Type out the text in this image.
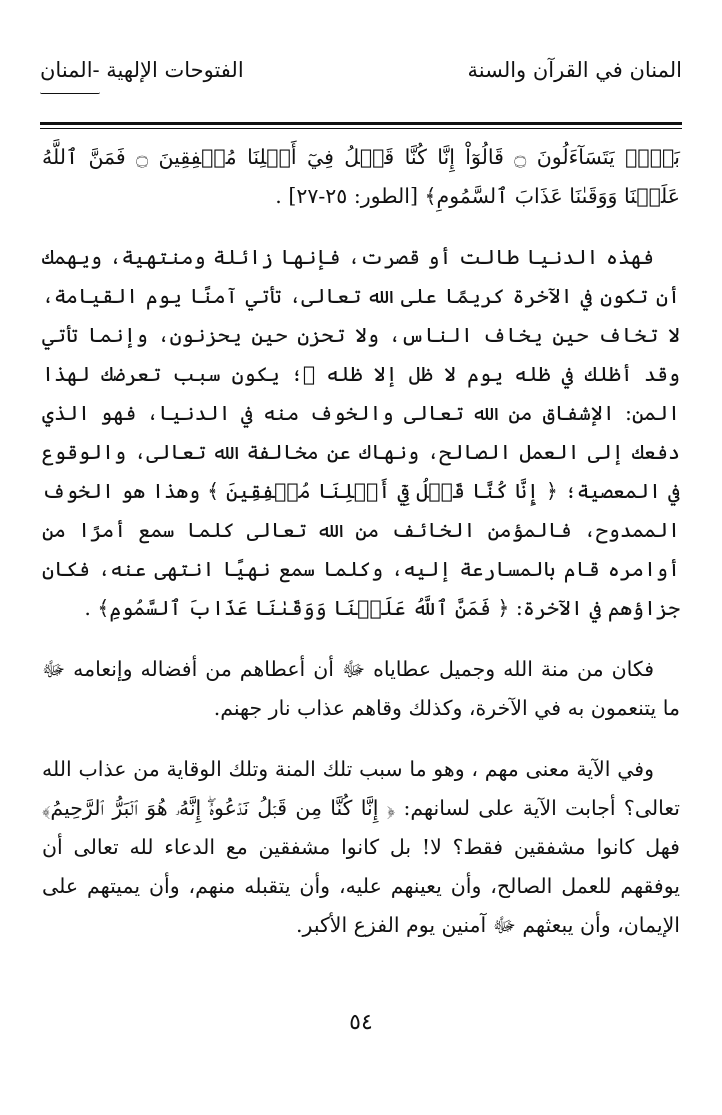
المنان في القرآن والسنة
الفتوحات الإلهية -المنان

بَعۡضٖ يَتَسَآءَلُونَ ۝ قَالُوٓاْ إِنَّا كُنَّا قَبۡلُ فِيٓ أَهۡلِنَا مُشۡفِقِينَ ۝ فَمَنَّ ٱللَّهُ عَلَيۡنَا وَوَقَىٰنَا عَذَابَ ٱلسَّمُومِ﴾ [الطور: ٢٥-٢٧] .

فهذه الدنيا طالت أو قصرت، فإنها زائلة ومنتهية، ويهمك أن تكون في الآخرة كريمًا على الله تعالى، تأتي آمنًا يوم القيامة، لا تخاف حين يخاف الناس، ولا تحزن حين يحزنون، وإنما تأتي وقد أظلك في ظله يوم لا ظل إلا ظله ﷻ؛ يكون سبب تعرضك لهذا المن: الإشفاق من الله تعالى والخوف منه في الدنيا، فهو الذي دفعك إلى العمل الصالح، ونهاك عن مخالفة الله تعالى، والوقوع في المعصية؛ ﴿ إِنَّا كُنَّا قَبۡلُ فِيٓ أَهۡلِنَا مُشۡفِقِينَ ﴾ وهذا هو الخوف الممدوح، فالمؤمن الخائف من الله تعالى كلما سمع أمرًا من أوامره قام بالمسارعة إليه، وكلما سمع نهيًا انتهى عنه، فكان جزاؤهم في الآخرة: ﴿ فَمَنَّ ٱللَّهُ عَلَيۡنَا وَوَقَىٰنَا عَذَابَ ٱلسَّمُومِ﴾ .

فكان من منة الله وجميل عطاياه ﷻ أن أعطاهم من أفضاله وإنعامه ﷻ ما يتنعمون به في الآخرة، وكذلك وقاهم عذاب نار جهنم.

وفي الآية معنى مهم ، وهو ما سبب تلك المنة وتلك الوقاية من عذاب الله تعالى؟ أجابت الآية على لسانهم: ﴿ إِنَّا كُنَّا مِن قَبۡلُ نَدۡعُوهُۖ إِنَّهُۥ هُوَ ٱلۡبَرُّ ٱلرَّحِيمُ﴾ فهل كانوا مشفقين فقط؟ لا! بل كانوا مشفقين مع الدعاء لله تعالى أن يوفقهم للعمل الصالح، وأن يعينهم عليه، وأن يتقبله منهم، وأن يميتهم على الإيمان، وأن يبعثهم ﷻ آمنين يوم الفزع الأكبر.

٥٤
